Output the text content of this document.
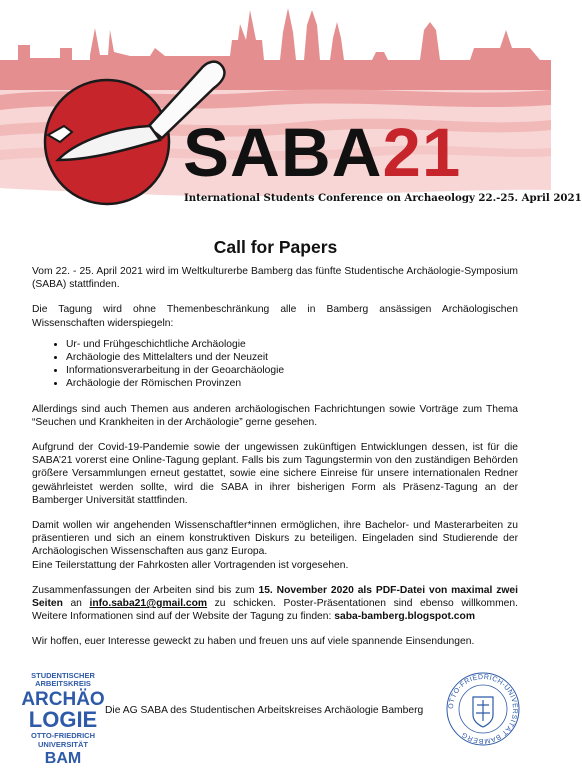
SABA21
International Students Conference on Archaeology 22.-25. April 2021
Call for Papers

Vom 22. - 25. April 2021 wird im Weltkulturerbe Bamberg das fünfte Studentische Archäologie-Symposium (SABA) stattfinden.

Die Tagung wird ohne Themenbeschränkung alle in Bamberg ansässigen Archäologischen Wissenschaften widerspiegeln:

• Ur- und Frühgeschichtliche Archäologie
• Archäologie des Mittelalters und der Neuzeit
• Informationsverarbeitung in der Geoarchäologie
• Archäologie der Römischen Provinzen

Allerdings sind auch Themen aus anderen archäologischen Fachrichtungen sowie Vorträge zum Thema “Seuchen und Krankheiten in der Archäologie” gerne gesehen.

Aufgrund der Covid-19-Pandemie sowie der ungewissen zukünftigen Entwicklungen dessen, ist für die SABA’21 vorerst eine Online-Tagung geplant. Falls bis zum Tagungstermin von den zuständigen Behörden größere Versammlungen erneut gestattet, sowie eine sichere Einreise für unsere internationalen Redner gewährleistet werden sollte, wird die SABA in ihrer bisherigen Form als Präsenz-Tagung an der Bamberger Universität stattfinden.

Damit wollen wir angehenden Wissenschaftler*innen ermöglichen, ihre Bachelor- und Masterarbeiten zu präsentieren und sich an einem konstruktiven Diskurs zu beteiligen. Eingeladen sind Studierende der Archäologischen Wissenschaften aus ganz Europa.

Eine Teilerstattung der Fahrkosten aller Vortragenden ist vorgesehen.

Zusammenfassungen der Arbeiten sind bis zum 15. November 2020 als PDF-Datei von maximal zwei Seiten an info.saba21@gmail.com zu schicken. Poster-Präsentationen sind ebenso willkommen. Weitere Informationen sind auf der Website der Tagung zu finden: saba-bamberg.blogspot.com

Wir hoffen, euer Interesse geweckt zu haben und freuen uns auf viele spannende Einsendungen.

STUDENTISCHER
ARBEITSKREIS
ARCHÄO
LOGIE
OTTO-FRIEDRICH
UNIVERSITÄT
BAM
Die AG SABA des Studentischen Arbeitskreises Archäologie Bamberg	OTTO-FRIEDRICH-UNIVERSITÄT BAMBERG
